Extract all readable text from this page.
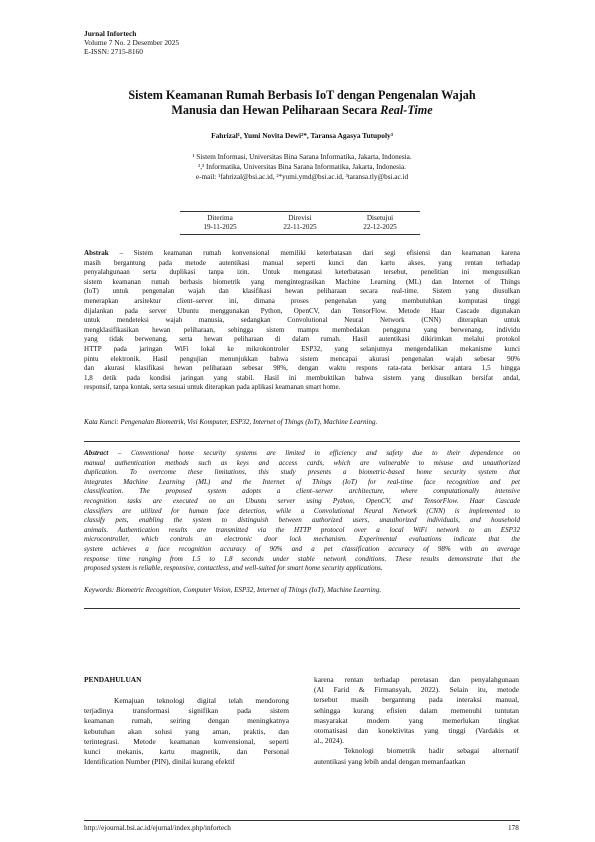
Jurnal Infortech
Volume 7 No. 2 Desember 2025
E-ISSN: 2715-8160
Sistem Keamanan Rumah Berbasis IoT dengan Pengenalan Wajah
Manusia dan Hewan Peliharaan Secara Real-Time
Fahrizal¹, Yumi Novita Dewi²*, Taransa Agasya Tutupoly³
¹ Sistem Informasi, Universitas Bina Sarana Informatika, Jakarta, Indonesia.
²,³ Informatika, Universitas Bina Sarana Informatika, Jakarta, Indonesia.
e-mail: ¹fahrizal@bsi.ac.id, ²*yumi.ymd@bsi.ac.id, ³taransa.tly@bsi.ac.id
Diterima
19-11-2025
Direvisi
22-11-2025
Disetujui
22-12-2025
Abstrak – Sistem keamanan rumah konvensional memiliki keterbatasan dari segi efisiensi dan keamanan karena
masih bergantung pada metode autentikasi manual seperti kunci dan kartu akses, yang rentan terhadap
penyalahgunaan serta duplikasi tanpa izin. Untuk mengatasi keterbatasan tersebut, penelitian ini mengusulkan
sistem keamanan rumah berbasis biometrik yang mengintegrasikan Machine Learning (ML) dan Internet of Things
(IoT) untuk pengenalan wajah dan klasifikasi hewan peliharaan secara real-time. Sistem yang diusulkan
menerapkan arsitektur client–server ini, dimana proses pengenalan yang membutuhkan komputasi tinggi
dijalankan pada server Ubuntu menggunakan Python, OpenCV, dan TensorFlow. Metode Haar Cascade digunakan
untuk mendeteksi wajah manusia, sedangkan Convolutional Neural Network (CNN) diterapkan untuk
mengklasifikasikan hewan peliharaan, sehingga sistem mampu membedakan pengguna yang berwenang, individu
yang tidak berwenang, serta hewan peliharaan di dalam rumah. Hasil autentikasi dikirimkan melalui protokol
HTTP pada jaringan WiFi lokal ke mikrokontroler ESP32, yang selanjutnya mengendalikan mekanisme kunci
pintu elektronik. Hasil pengujian menunjukkan bahwa sistem mencapai akurasi pengenalan wajah sebesar 90%
dan akurasi klasifikasi hewan peliharaan sebesar 98%, dengan waktu respons rata-rata berkisar antara 1,5 hingga
1,8 detik pada kondisi jaringan yang stabil. Hasil ini membuktikan bahwa sistem yang diusulkan bersifat andal,
responsif, tanpa kontak, serta sesuai untuk diterapkan pada aplikasi keamanan smart home.
Kata Kunci: Pengenalan Biometrik, Visi Komputer, ESP32, Internet of Things (IoT), Machine Learning.
Abstract – Conventional home security systems are limited in efficiency and safety due to their dependence on
manual authentication methods such as keys and access cards, which are vulnerable to misuse and unauthorized
duplication. To overcome these limitations, this study presents a biometric-based home security system that
integrates Machine Learning (ML) and the Internet of Things (IoT) for real-time face recognition and pet
classification. The proposed system adopts a client–server architecture, where computationally intensive
recognition tasks are executed on an Ubuntu server using Python, OpenCV, and TensorFlow. Haar Cascade
classifiers are utilized for human face detection, while a Convolutional Neural Network (CNN) is implemented to
classify pets, enabling the system to distinguish between authorized users, unauthorized individuals, and household
animals. Authentication results are transmitted via the HTTP protocol over a local WiFi network to an ESP32
microcontroller, which controls an electronic door lock mechanism. Experimental evaluations indicate that the
system achieves a face recognition accuracy of 90% and a pet classification accuracy of 98% with an average
response time ranging from 1.5 to 1.8 seconds under stable network conditions. These results demonstrate that the
proposed system is reliable, responsive, contactless, and well-suited for smart home security applications.
Keywords: Biometric Recognition, Computer Vision, ESP32, Internet of Things (IoT), Machine Learning.
PENDAHULUAN
Kemajuan teknologi digital telah mendorong
terjadinya transformasi signifikan pada sistem
keamanan rumah, seiring dengan meningkatnya
kebutuhan akan solusi yang aman, praktis, dan
terintegrasi. Metode keamanan konvensional, seperti
kunci mekanis, kartu magnetik, dan Personal
Identification Number (PIN), dinilai kurang efektif
karena rentan terhadap peretasan dan penyalahgunaan
(Al Farid & Firmansyah, 2022). Selain itu, metode
tersebut masih bergantung pada interaksi manual,
sehingga kurang efisien dalam memenuhi tuntutan
masyarakat modern yang memerlukan tingkat
otomatisasi dan konektivitas yang tinggi (Vardakis et
al., 2024).
Teknologi biometrik hadir sebagai alternatif
autentikasi yang lebih andal dengan memanfaatkan
http://ejournal.bsi.ac.id/ejurnal/index.php/infortech	178
